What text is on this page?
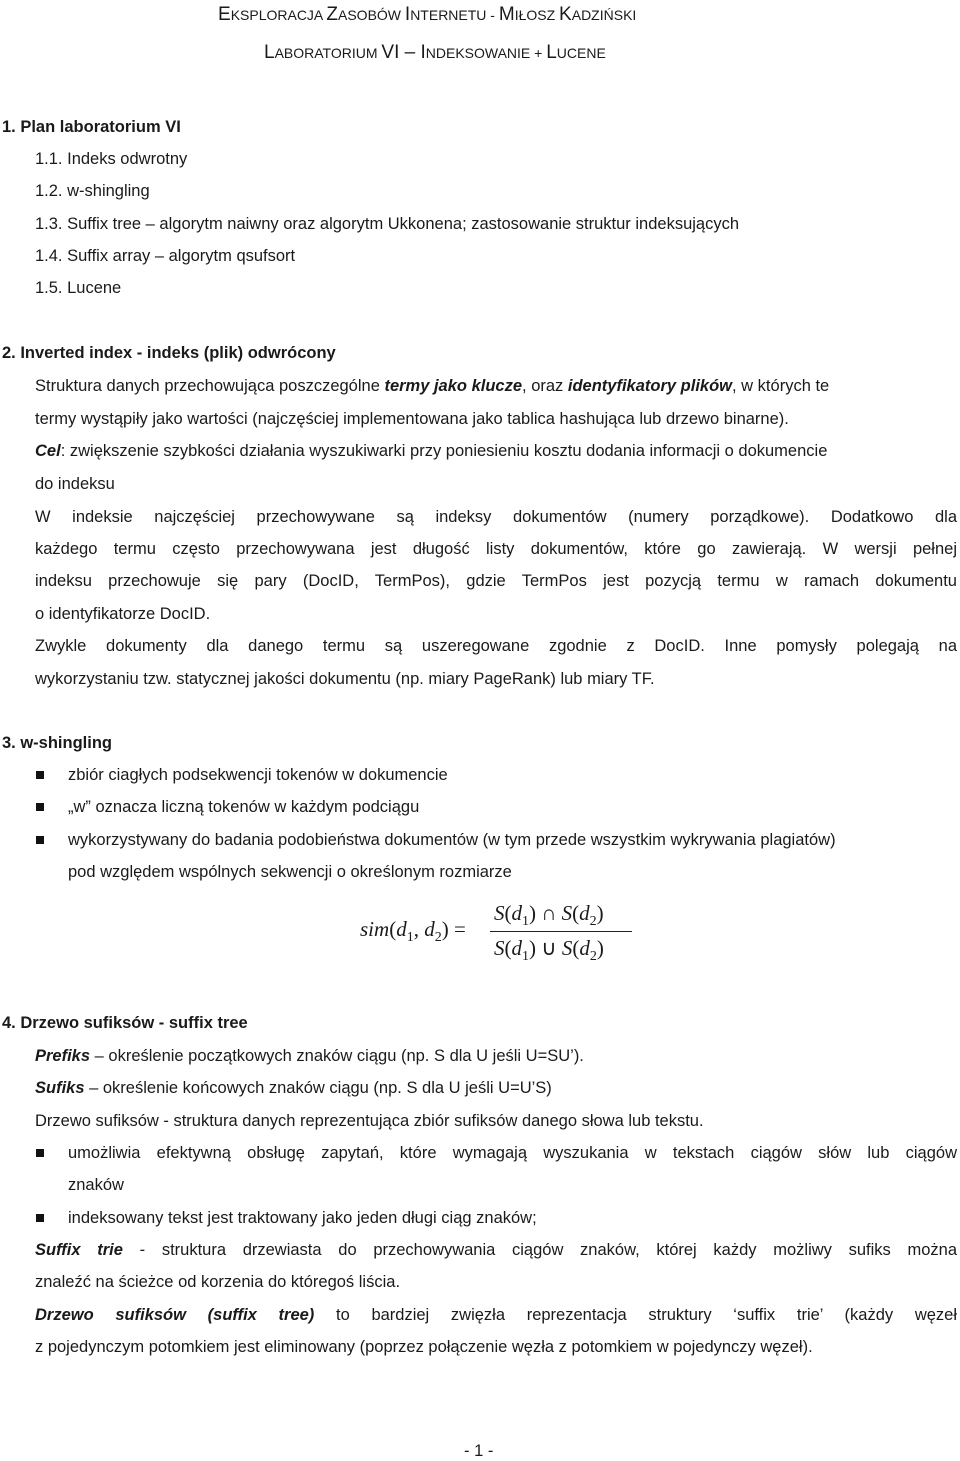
EKSPLORACJA ZASOBÓW INTERNETU - MIŁOSZ KADZIŃSKI
LABORATORIUM VI – INDEKSOWANIE + LUCENE
1. Plan laboratorium VI
1.1. Indeks odwrotny
1.2. w-shingling
1.3. Suffix tree – algorytm naiwny oraz algorytm Ukkonena; zastosowanie struktur indeksujących
1.4. Suffix array – algorytm qsufsort
1.5. Lucene
2. Inverted index - indeks (plik) odwrócony
Struktura danych przechowująca poszczególne termy jako klucze, oraz identyfikatory plików, w których te
termy wystąpiły jako wartości (najczęściej implementowana jako tablica hashująca lub drzewo binarne).
Cel: zwiększenie szybkości działania wyszukiwarki przy poniesieniu kosztu dodania informacji o dokumencie
do indeksu
W indeksie najczęściej przechowywane są indeksy dokumentów (numery porządkowe). Dodatkowo dla
każdego termu często przechowywana jest długość listy dokumentów, które go zawierają. W wersji pełnej
indeksu przechowuje się pary (DocID, TermPos), gdzie TermPos jest pozycją termu w ramach dokumentu
o identyfikatorze DocID.
Zwykle dokumenty dla danego termu są uszeregowane zgodnie z DocID. Inne pomysły polegają na
wykorzystaniu tzw. statycznej jakości dokumentu (np. miary PageRank) lub miary TF.
3. w-shingling
zbiór ciagłych podsekwencji tokenów w dokumencie
„w” oznacza liczną tokenów w każdym podciągu
wykorzystywany do badania podobieństwa dokumentów (w tym przede wszystkim wykrywania plagiatów)
pod względem wspólnych sekwencji o określonym rozmiarze
$sim(d_1$, $d_2$) =
$S(d_1)$ ∩ $S(d_2)$
$S(d_1)$ ∪ $S(d_2)$
4. Drzewo sufiksów - suffix tree
Prefiks – określenie początkowych znaków ciągu (np. S dla U jeśli U=SU’).
Sufiks – określenie końcowych znaków ciągu (np. S dla U jeśli U=U’S)
Drzewo sufiksów - struktura danych reprezentująca zbiór sufiksów danego słowa lub tekstu.
umożliwia efektywną obsługę zapytań, które wymagają wyszukania w tekstach ciągów słów lub ciągów
znaków
indeksowany tekst jest traktowany jako jeden długi ciąg znaków;
Suffix trie - struktura drzewiasta do przechowywania ciągów znaków, której każdy możliwy sufiks można
znaleźć na ścieżce od korzenia do któregoś liścia.
Drzewo sufiksów (suffix tree) to bardziej zwięzła reprezentacja struktury ‘suffix trie’ (każdy węzeł
z pojedynczym potomkiem jest eliminowany (poprzez połączenie węzła z potomkiem w pojedynczy węzeł).
- 1 -
